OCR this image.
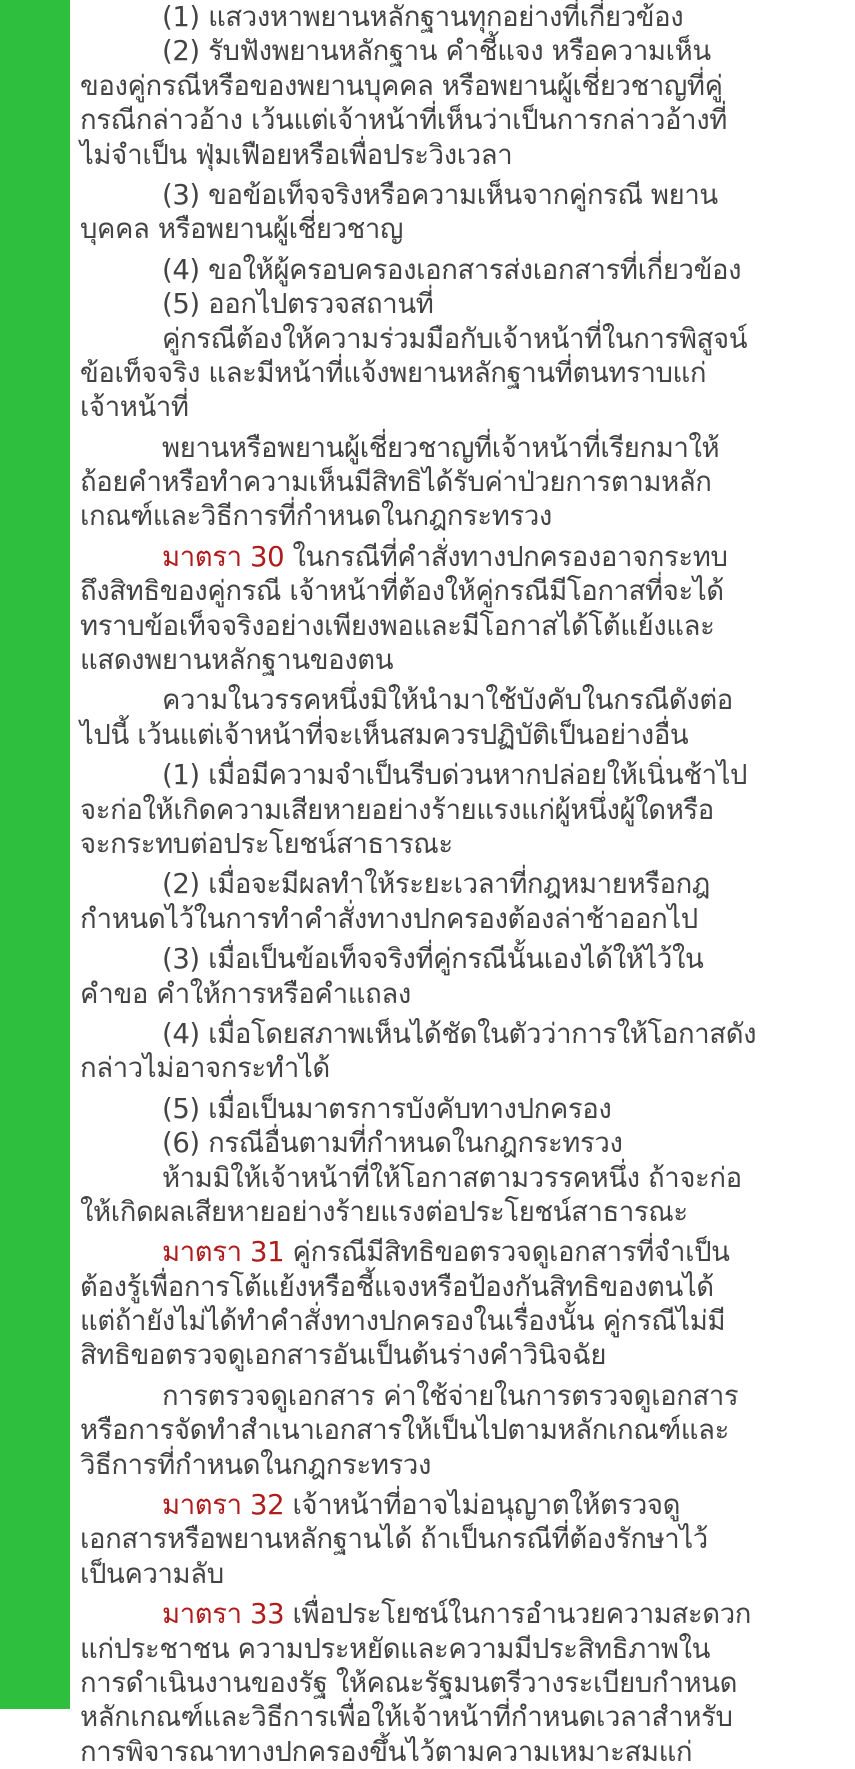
(1) แสวงหาพยานหลักฐานทุกอย่างที่เกี่ยวข้อง
(2) รับฟังพยานหลักฐาน คำชี้แจง หรือความเห็น
ของคู่กรณีหรือของพยานบุคคล หรือพยานผู้เชี่ยวชาญที่คู่
กรณีกล่าวอ้าง เว้นแต่เจ้าหน้าที่เห็นว่าเป็นการกล่าวอ้างที่
ไม่จำเป็น ฟุ่มเฟือยหรือเพื่อประวิงเวลา
(3) ขอข้อเท็จจริงหรือความเห็นจากคู่กรณี พยาน
บุคคล หรือพยานผู้เชี่ยวชาญ
(4) ขอให้ผู้ครอบครองเอกสารส่งเอกสารที่เกี่ยวข้อง
(5) ออกไปตรวจสถานที่
คู่กรณีต้องให้ความร่วมมือกับเจ้าหน้าที่ในการพิสูจน์
ข้อเท็จจริง และมีหน้าที่แจ้งพยานหลักฐานที่ตนทราบแก่
เจ้าหน้าที่
พยานหรือพยานผู้เชี่ยวชาญที่เจ้าหน้าที่เรียกมาให้
ถ้อยคำหรือทำความเห็นมีสิทธิได้รับค่าป่วยการตามหลัก
เกณฑ์และวิธีการที่กำหนดในกฎกระทรวง
มาตรา 30 ในกรณีที่คำสั่งทางปกครองอาจกระทบ
ถึงสิทธิของคู่กรณี เจ้าหน้าที่ต้องให้คู่กรณีมีโอกาสที่จะได้
ทราบข้อเท็จจริงอย่างเพียงพอและมีโอกาสได้โต้แย้งและ
แสดงพยานหลักฐานของตน
ความในวรรคหนึ่งมิให้นำมาใช้บังคับในกรณีดังต่อ
ไปนี้ เว้นแต่เจ้าหน้าที่จะเห็นสมควรปฏิบัติเป็นอย่างอื่น
(1) เมื่อมีความจำเป็นรีบด่วนหากปล่อยให้เนิ่นช้าไป
จะก่อให้เกิดความเสียหายอย่างร้ายแรงแก่ผู้หนึ่งผู้ใดหรือ
จะกระทบต่อประโยชน์สาธารณะ
(2) เมื่อจะมีผลทำให้ระยะเวลาที่กฎหมายหรือกฎ
กำหนดไว้ในการทำคำสั่งทางปกครองต้องล่าช้าออกไป
(3) เมื่อเป็นข้อเท็จจริงที่คู่กรณีนั้นเองได้ให้ไว้ใน
คำขอ คำให้การหรือคำแถลง
(4) เมื่อโดยสภาพเห็นได้ชัดในตัวว่าการให้โอกาสดัง
กล่าวไม่อาจกระทำได้
(5) เมื่อเป็นมาตรการบังคับทางปกครอง
(6) กรณีอื่นตามที่กำหนดในกฎกระทรวง
ห้ามมิให้เจ้าหน้าที่ให้โอกาสตามวรรคหนึ่ง ถ้าจะก่อ
ให้เกิดผลเสียหายอย่างร้ายแรงต่อประโยชน์สาธารณะ
มาตรา 31 คู่กรณีมีสิทธิขอตรวจดูเอกสารที่จำเป็น
ต้องรู้เพื่อการโต้แย้งหรือชี้แจงหรือป้องกันสิทธิของตนได้
แต่ถ้ายังไม่ได้ทำคำสั่งทางปกครองในเรื่องนั้น คู่กรณีไม่มี
สิทธิขอตรวจดูเอกสารอันเป็นต้นร่างคำวินิจฉัย
การตรวจดูเอกสาร ค่าใช้จ่ายในการตรวจดูเอกสาร
หรือการจัดทำสำเนาเอกสารให้เป็นไปตามหลักเกณฑ์และ
วิธีการที่กำหนดในกฎกระทรวง
มาตรา 32 เจ้าหน้าที่อาจไม่อนุญาตให้ตรวจดู
เอกสารหรือพยานหลักฐานได้ ถ้าเป็นกรณีที่ต้องรักษาไว้
เป็นความลับ
มาตรา 33 เพื่อประโยชน์ในการอำนวยความสะดวก
แก่ประชาชน ความประหยัดและความมีประสิทธิภาพใน
การดำเนินงานของรัฐ ให้คณะรัฐมนตรีวางระเบียบกำหนด
หลักเกณฑ์และวิธีการเพื่อให้เจ้าหน้าที่กำหนดเวลาสำหรับ
การพิจารณาทางปกครองขึ้นไว้ตามความเหมาะสมแก่
